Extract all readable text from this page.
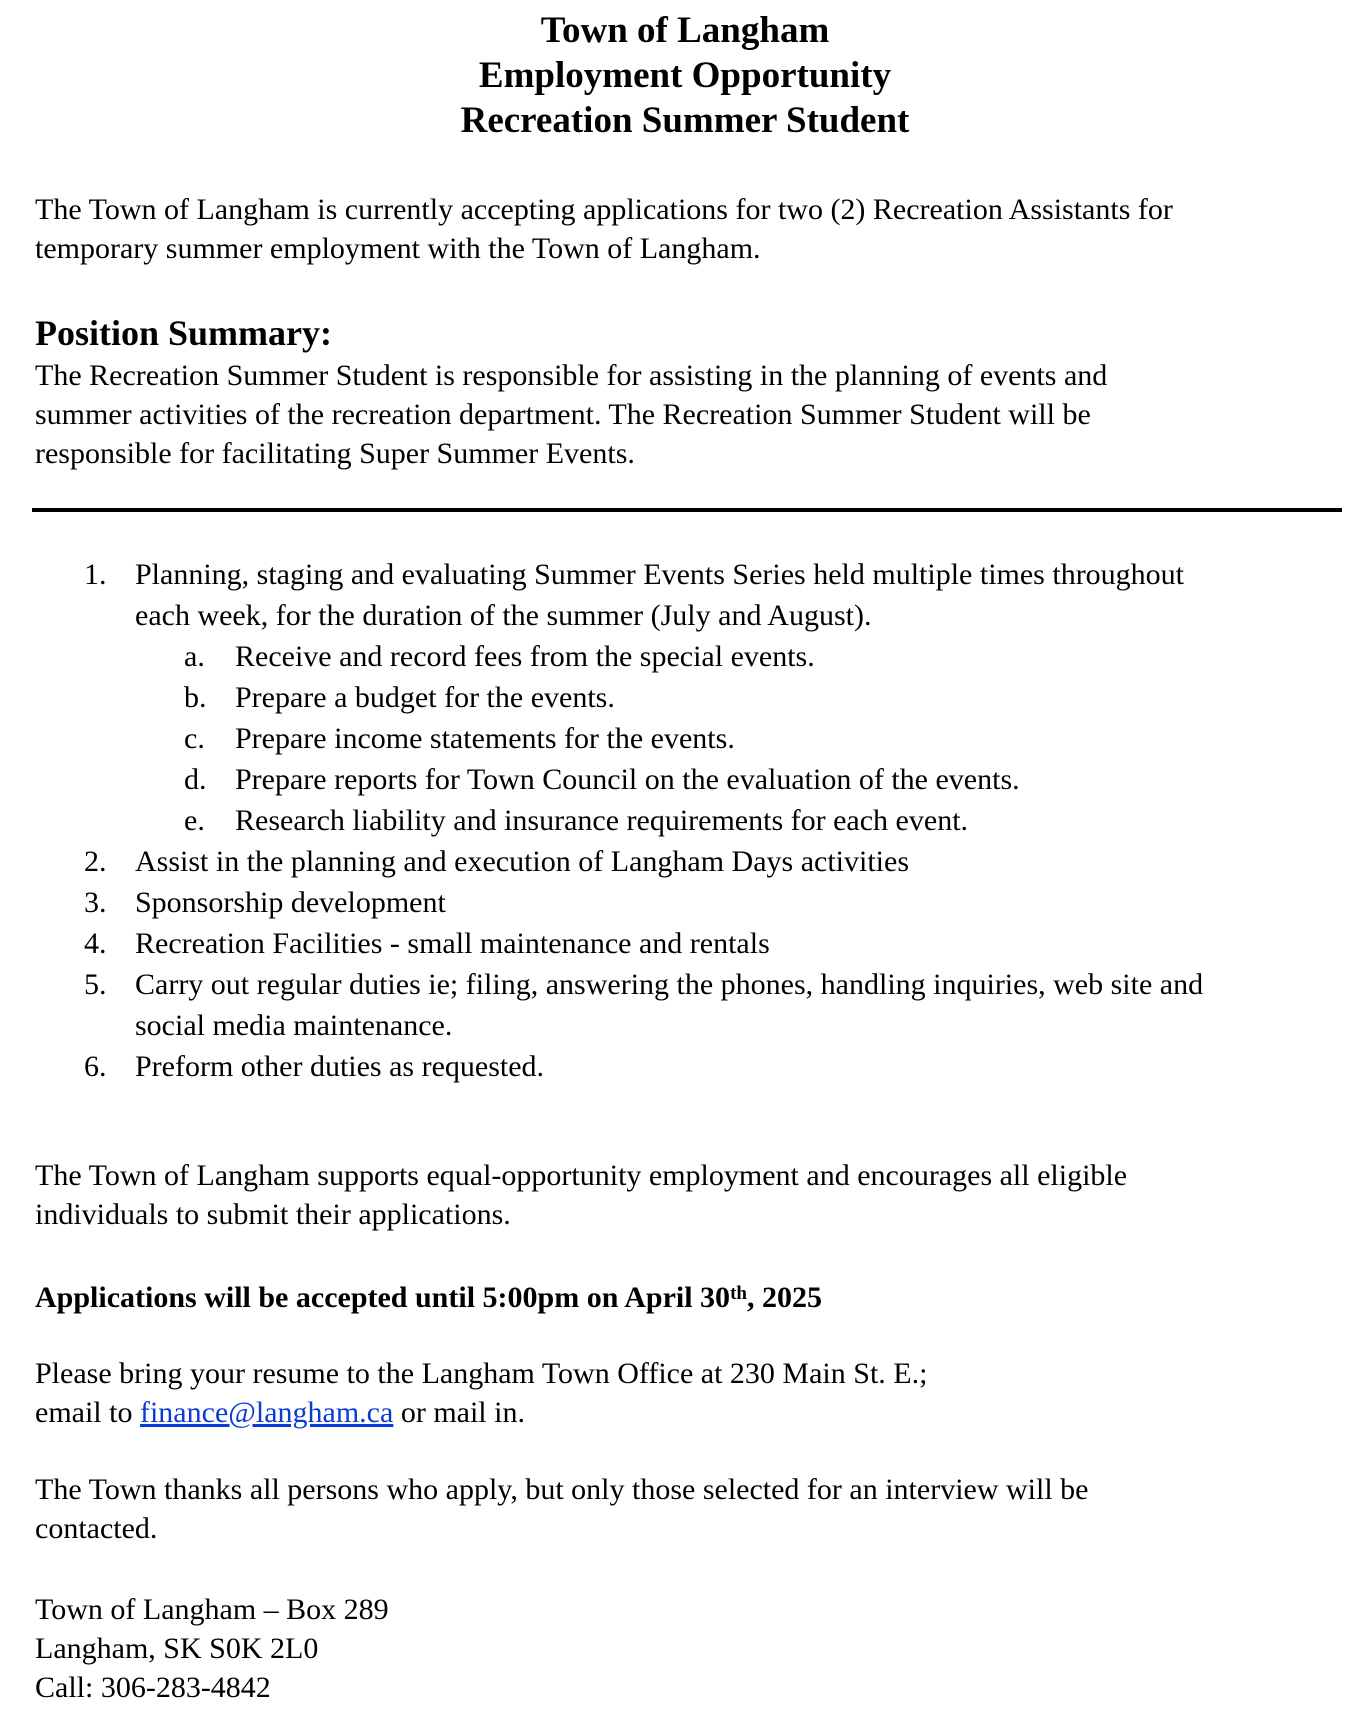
Town of Langham
Employment Opportunity
Recreation Summer Student
The Town of Langham is currently accepting applications for two (2) Recreation Assistants for
temporary summer employment with the Town of Langham.
Position Summary:
The Recreation Summer Student is responsible for assisting in the planning of events and
summer activities of the recreation department. The Recreation Summer Student will be
responsible for facilitating Super Summer Events.
1. Planning, staging and evaluating Summer Events Series held multiple times throughout
each week, for the duration of the summer (July and August).
a. Receive and record fees from the special events.
b. Prepare a budget for the events.
c. Prepare income statements for the events.
d. Prepare reports for Town Council on the evaluation of the events.
e. Research liability and insurance requirements for each event.
2. Assist in the planning and execution of Langham Days activities
3. Sponsorship development
4. Recreation Facilities - small maintenance and rentals
5. Carry out regular duties ie; filing, answering the phones, handling inquiries, web site and
social media maintenance.
6. Preform other duties as requested.
The Town of Langham supports equal-opportunity employment and encourages all eligible
individuals to submit their applications.
Applications will be accepted until 5:00pm on April 30th, 2025
Please bring your resume to the Langham Town Office at 230 Main St. E.;
email to finance@langham.ca or mail in.
The Town thanks all persons who apply, but only those selected for an interview will be
contacted.
Town of Langham – Box 289
Langham, SK S0K 2L0
Call: 306-283-4842
